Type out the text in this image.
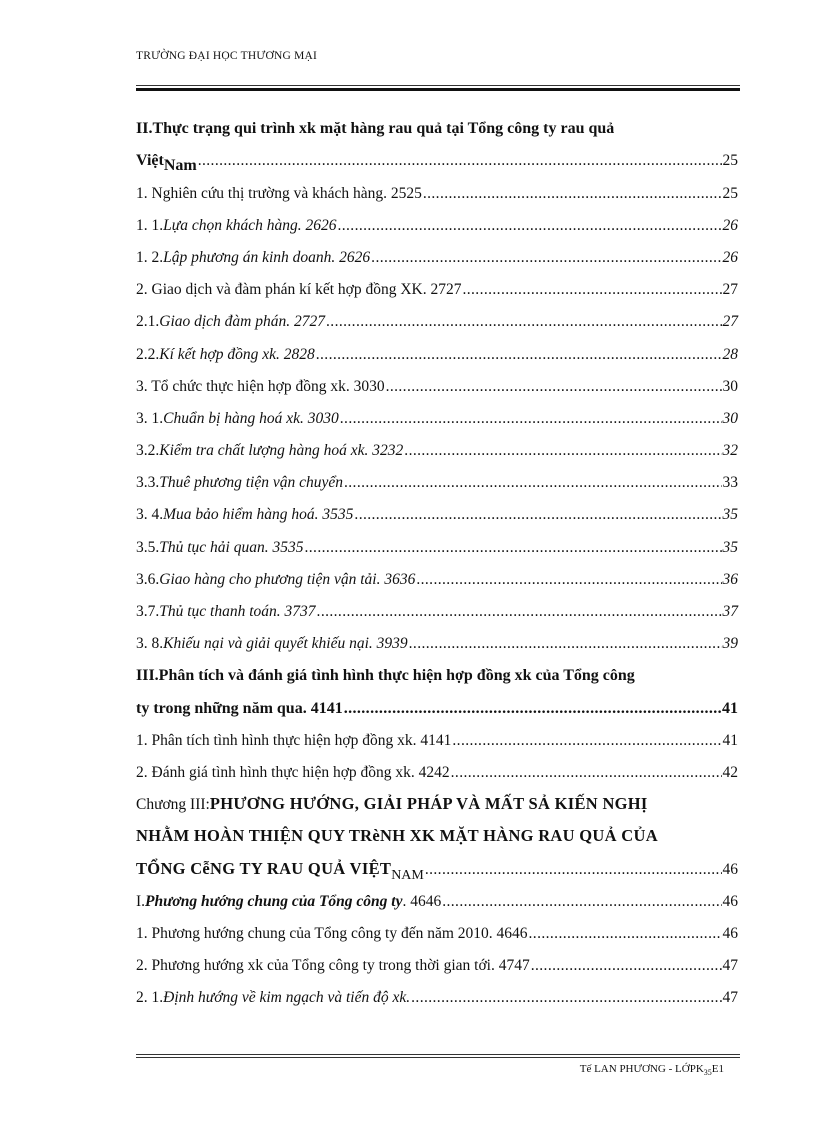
TRƯỜNG ĐẠI HỌC THƯƠNG MẠI
II.Thực trạng qui trình xk mặt hàng rau quả tại Tổng công ty rau quả
Việt Nam .....	25
1. Nghiên cứu thị trường và khách hàng. 2525 .....	25
1. 1. Lựa chọn khách hàng. 2626 .....	26
1. 2. Lập phương án kinh doanh. 2626 .....	26
2. Giao dịch và đàm phán kí kết hợp đồng XK. 2727 .....	27
2.1. Giao dịch đàm phán. 2727 .....	27
2.2. Kí kết hợp đồng xk. 2828 .....	28
3. Tổ chức thực hiện hợp đồng xk. 3030 .....	30
3. 1. Chuẩn bị hàng hoá xk. 3030 .....	30
3.2. Kiểm tra chất lượng hàng hoá xk. 3232 .....	32
3.3. Thuê phương tiện vận chuyển .....	33
3. 4. Mua bảo hiểm hàng hoá. 3535 .....	35
3.5. Thủ tục hải quan. 3535 .....	35
3.6. Giao hàng cho phương tiện vận tải. 3636 .....	36
3.7. Thủ tục thanh toán. 3737 .....	37
3. 8. Khiếu nại và giải quyết khiếu nại. 3939 .....	39
III.Phân tích và đánh giá tình hình thực hiện hợp đồng xk của Tổng công
ty trong những năm qua. 4141 .....	41
1. Phân tích tình hình thực hiện hợp đồng xk. 4141 .....	41
2. Đánh giá tình hình thực hiện hợp đồng xk. 4242 .....	42
Chương III: PHƯƠNG HƯỚNG, GIẢI PHÁP VÀ MẤT SẢ KIẾN NGHỊ
NHẰM HOÀN THIỆN QUY TRèNH XK MẶT HÀNG RAU QUẢ CỦA
TỔNG CễNG TY RAU QUẢ VIỆT NAM .....	46
I. Phương hướng chung của Tổng công ty . 4646 .....	46
1. Phương hướng chung của Tổng công ty đến năm 2010. 4646 .....	46
2. Phương hướng xk của Tổng công ty trong thời gian tới. 4747 .....	47
2. 1. Định hướng về kim ngạch và tiến độ xk. .....	47
Tế LAN PHƯƠNG - LỚPK$_{35}$E1
